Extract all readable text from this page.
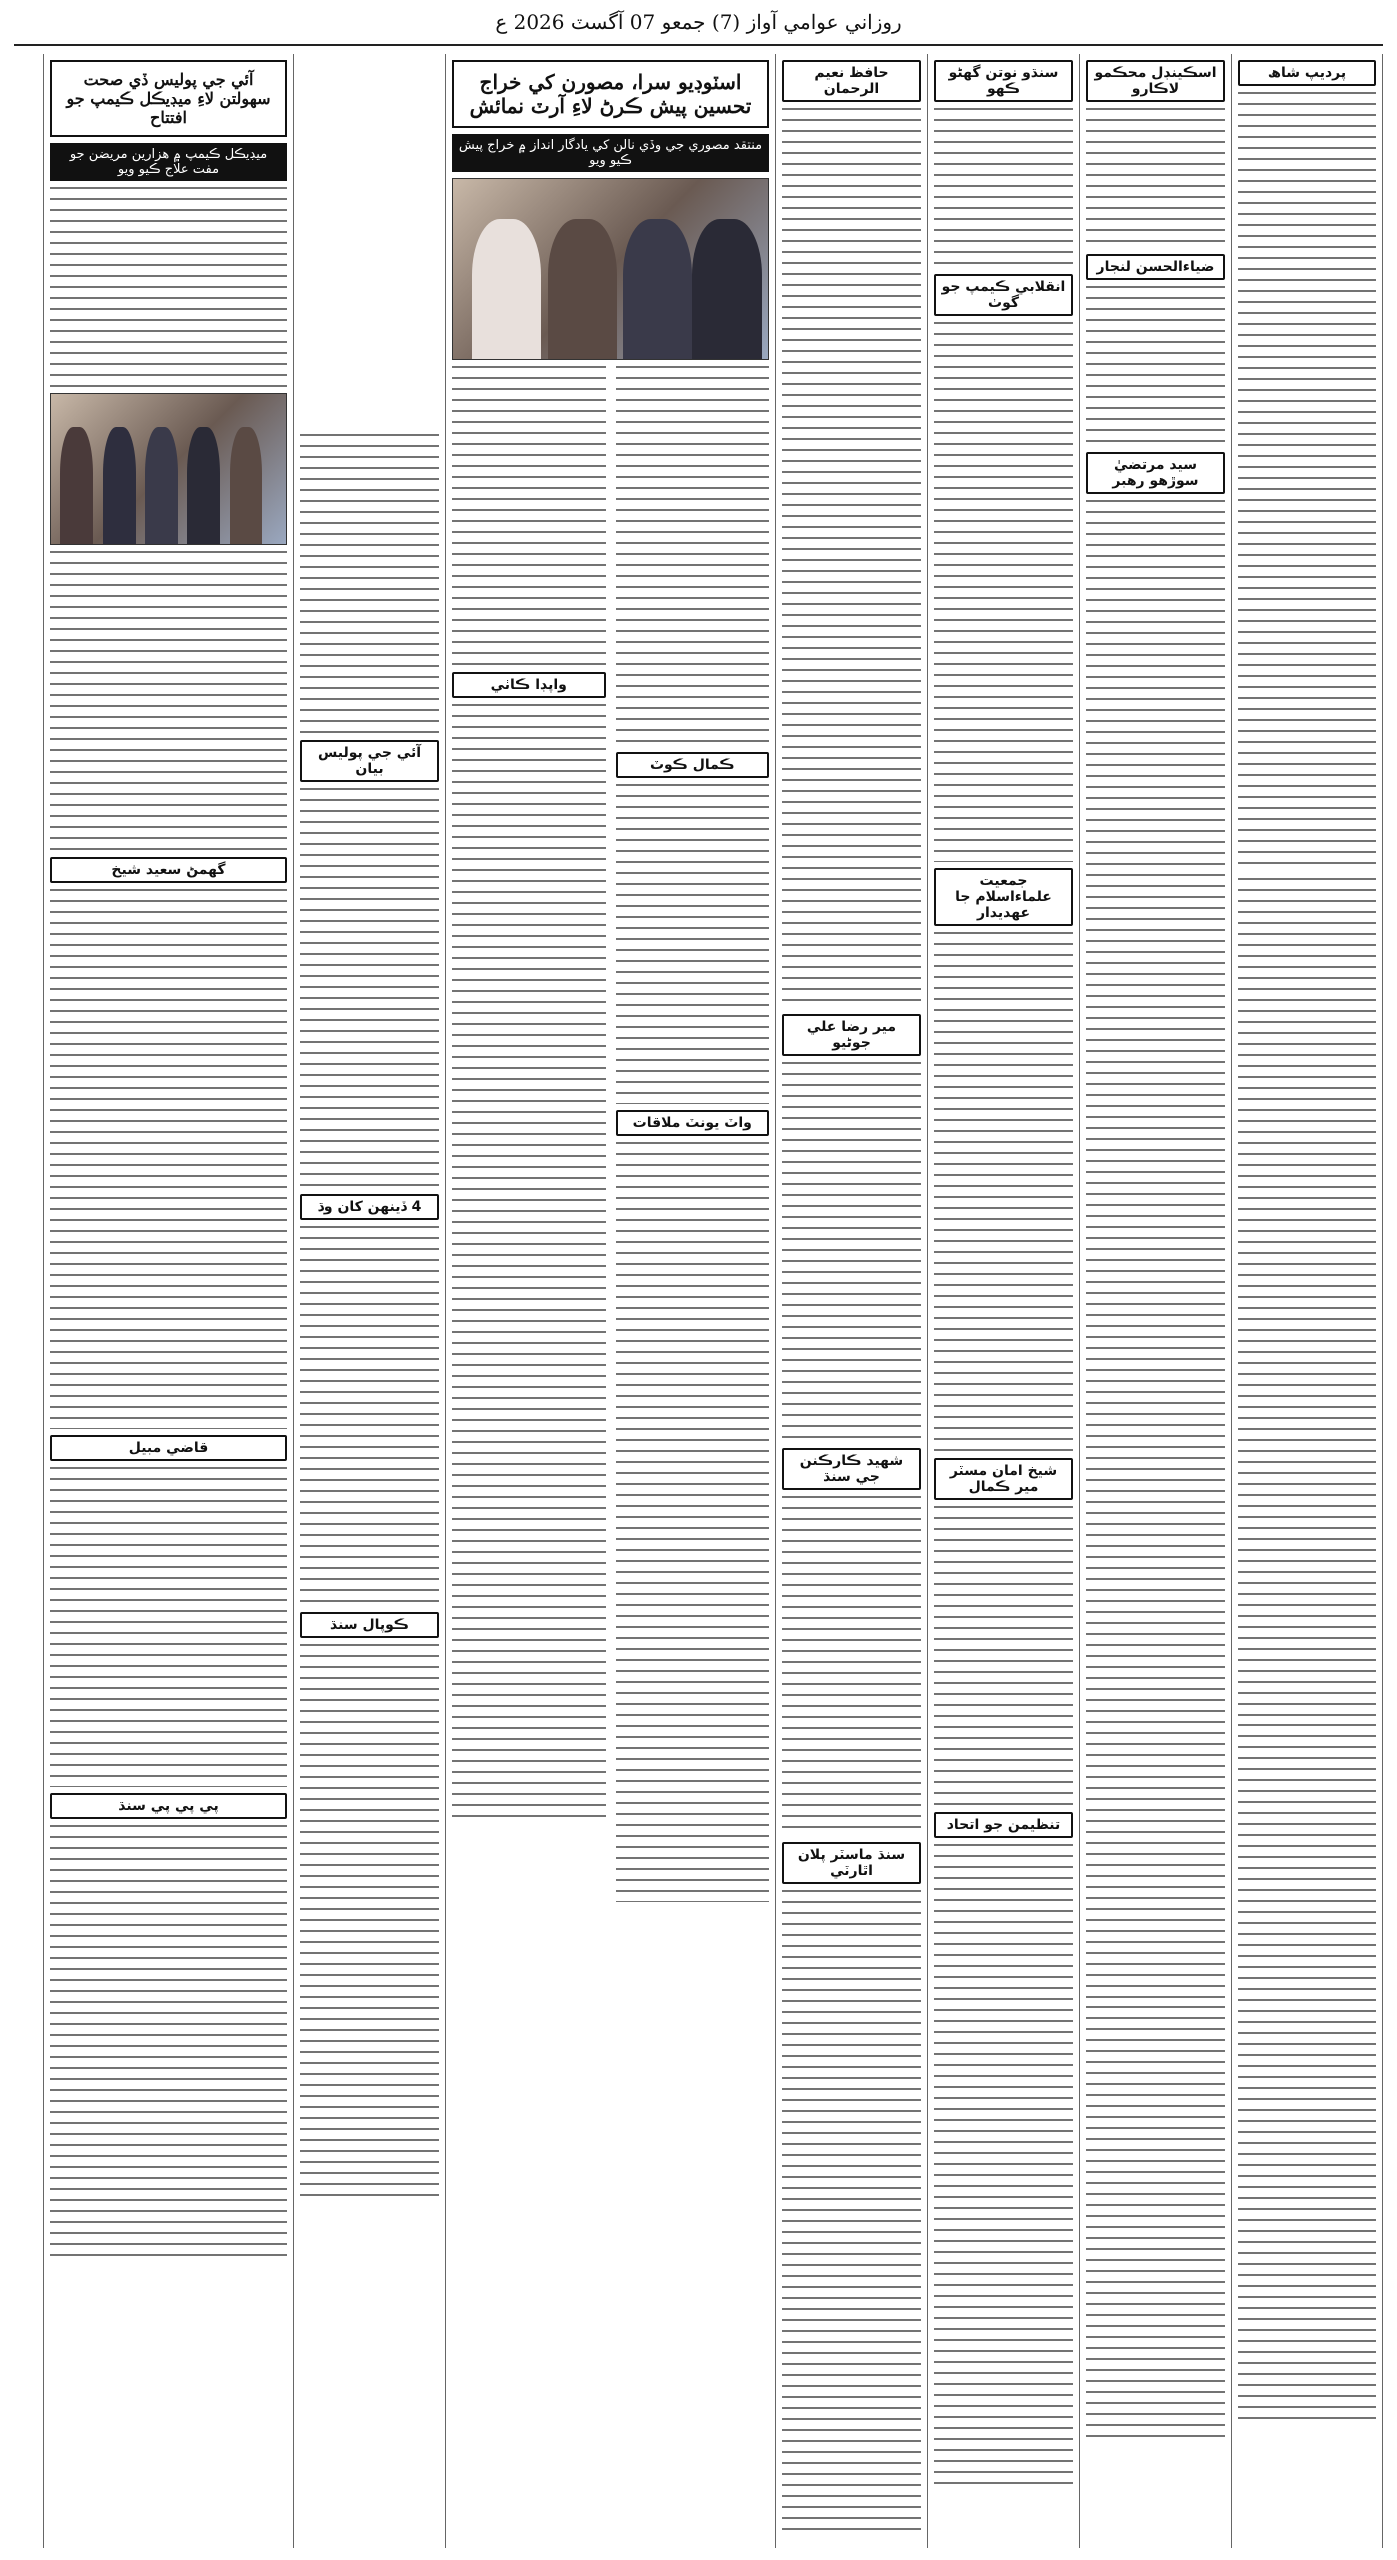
روزاني عوامي آواز (7) جمعو 07 آگسٽ 2026 ع
پرديپ شاھ
اسڪينڊل محڪمو لاڪارو
ضياءالحسن لنجار
سيد مرتضيٰ سوڙهو رهبر
سنڌو نوتن گهڻو ڪهو
انقلابي ڪيمپ جو گوٺ
جمعيت علماءاسلام جا عھديدار
شيخ امان مسٽر مير ڪمال
تنظيمن جو اتحاد
حافظ نعيم الرحمان
مير رضا علي جوڻيو
شهيد ڪارڪنن جي سنڌ
سنڌ ماسٽر پلان اٿارٽي
اسٽوڊيو سرا، مصورن کي خراج تحسين پيش ڪرڻ لاءِ آرٽ نمائش
منتقد مصوري جي وڏي نالن کي يادگار انداز ۾ خراج پيش ڪيو ويو
ڪمال ڪوٽ
واٽ يونٽ ملاقات
واپڊا ڪاٺي
آئي جي پوليس بيان
4 ڏينهن کان وڌ
ڪوپال سنڌ
آئي جي پوليس ڏي صحت سهولتن لاءِ ميڊيڪل ڪيمپ جو افتتاح
ميڊيڪل ڪيمپ ۾ هزارين مريضن جو مفت علاج ڪيو ويو
گھمڻ سعيد شيخ
قاضي مبيل
پي پي پي سنڌ
